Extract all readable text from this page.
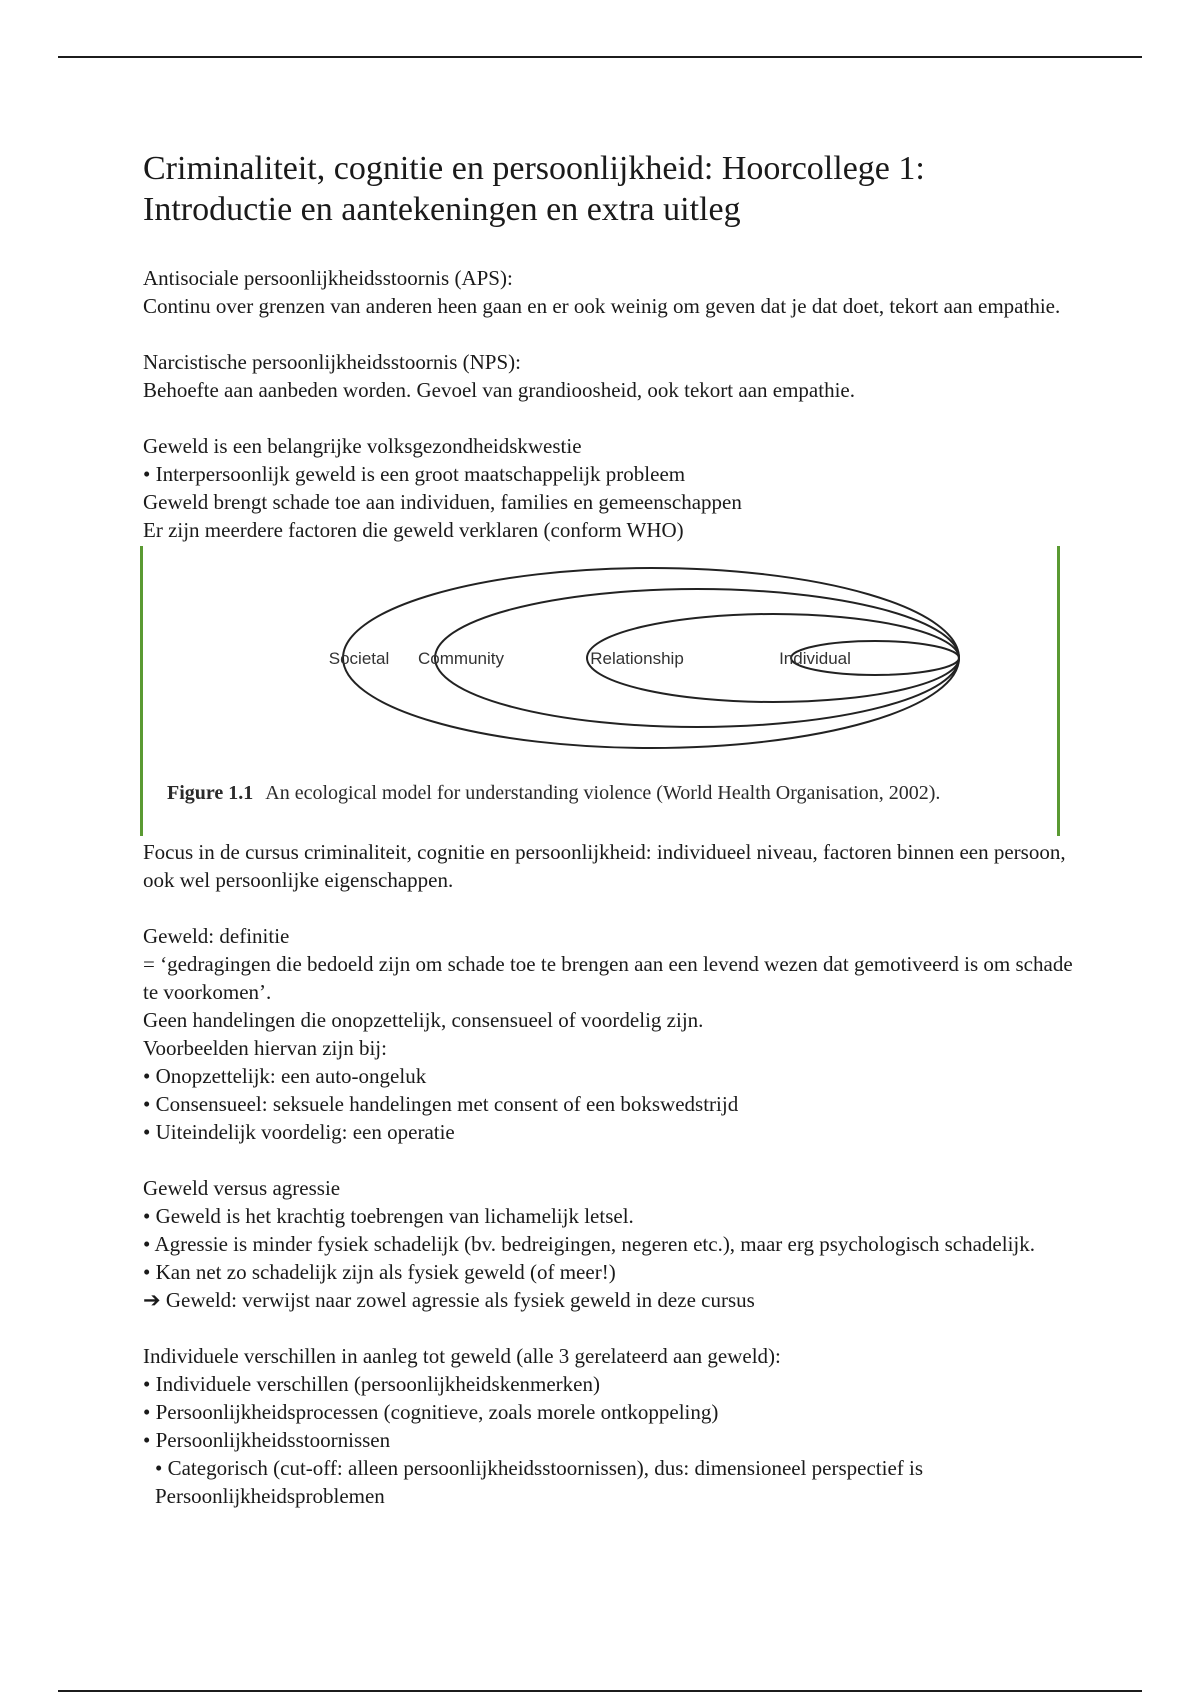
Criminaliteit, cognitie en persoonlijkheid: Hoorcollege 1: Introductie en aantekeningen en extra uitleg
Antisociale persoonlijkheidsstoornis (APS):
Continu over grenzen van anderen heen gaan en er ook weinig om geven dat je dat doet, tekort aan empathie.
Narcistische persoonlijkheidsstoornis (NPS):
Behoefte aan aanbeden worden. Gevoel van grandioosheid, ook tekort aan empathie.
Geweld is een belangrijke volksgezondheidskwestie
• Interpersoonlijk geweld is een groot maatschappelijk probleem
Geweld brengt schade toe aan individuen, families en gemeenschappen
Er zijn meerdere factoren die geweld verklaren (conform WHO)
Societal Community	Relationship	Individual
Figure 1.1 An ecological model for understanding violence (World Health Organisation, 2002).
Focus in de cursus criminaliteit, cognitie en persoonlijkheid: individueel niveau, factoren binnen een persoon, ook wel persoonlijke eigenschappen.
Geweld: definitie
= ‘gedragingen die bedoeld zijn om schade toe te brengen aan een levend wezen dat gemotiveerd is om schade te voorkomen’.
Geen handelingen die onopzettelijk, consensueel of voordelig zijn.
Voorbeelden hiervan zijn bij:
• Onopzettelijk: een auto-ongeluk
• Consensueel: seksuele handelingen met consent of een bokswedstrijd
• Uiteindelijk voordelig: een operatie
Geweld versus agressie
• Geweld is het krachtig toebrengen van lichamelijk letsel.
• Agressie is minder fysiek schadelijk (bv. bedreigingen, negeren etc.), maar erg psychologisch schadelijk.
• Kan net zo schadelijk zijn als fysiek geweld (of meer!)
➔ Geweld: verwijst naar zowel agressie als fysiek geweld in deze cursus
Individuele verschillen in aanleg tot geweld (alle 3 gerelateerd aan geweld):
• Individuele verschillen (persoonlijkheidskenmerken)
• Persoonlijkheidsprocessen (cognitieve, zoals morele ontkoppeling)
• Persoonlijkheidsstoornissen
• Categorisch (cut-off: alleen persoonlijkheidsstoornissen), dus: dimensioneel perspectief is Persoonlijkheidsproblemen
